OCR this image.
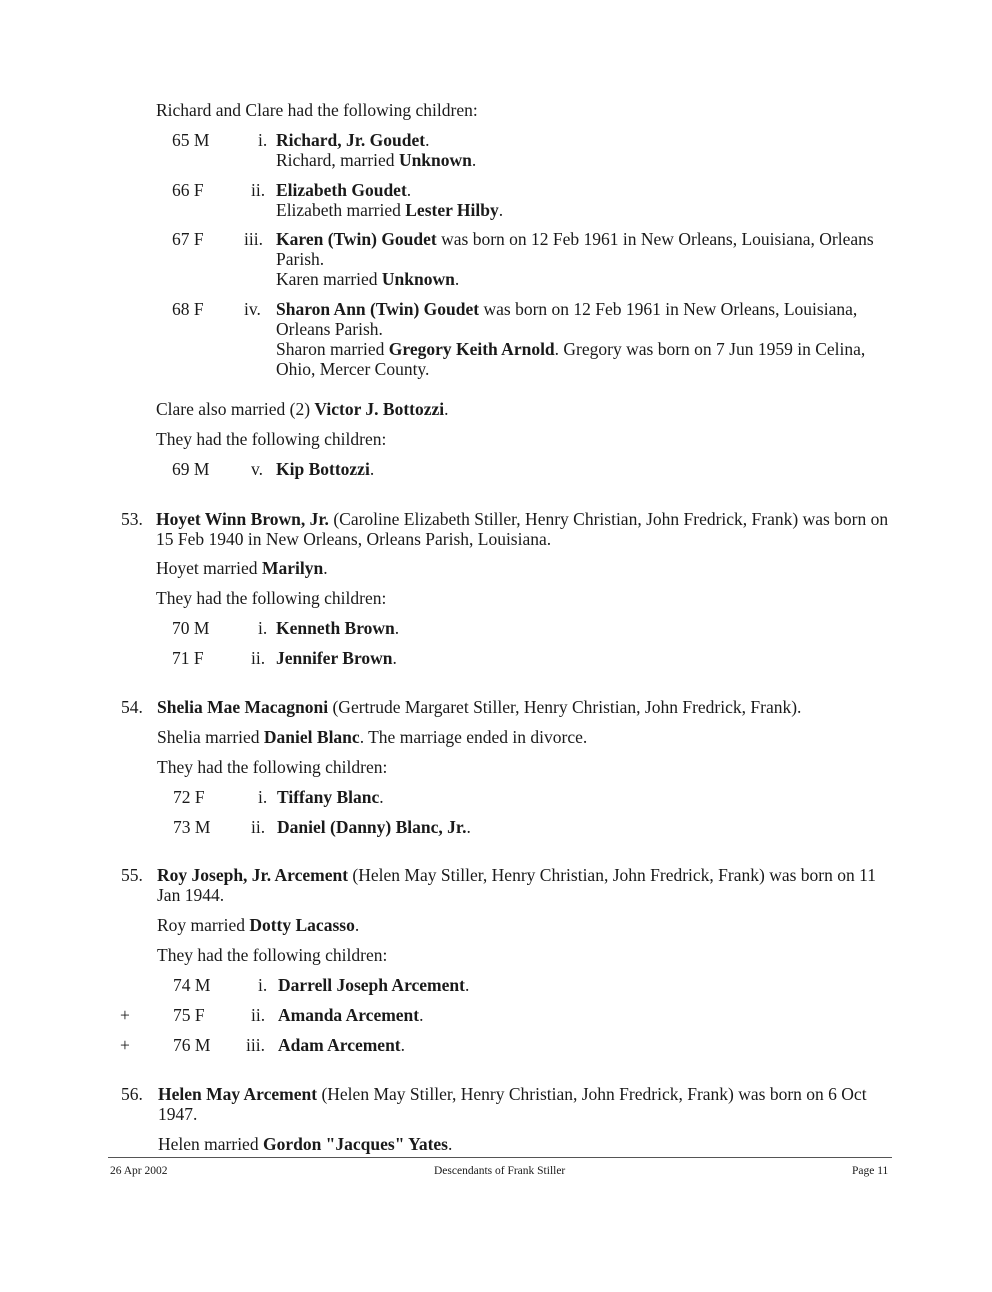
Richard and Clare had the following children:
65 M	i. Richard, Jr. Goudet.
Richard, married Unknown.
66 F	ii. Elizabeth Goudet.
Elizabeth married Lester Hilby.
67 F iii. Karen (Twin) Goudet was born on 12 Feb 1961 in New Orleans, Louisiana, Orleans Parish.
Karen married Unknown.
68 F iv. Sharon Ann (Twin) Goudet was born on 12 Feb 1961 in New Orleans, Louisiana, Orleans Parish.
Sharon married Gregory Keith Arnold. Gregory was born on 7 Jun 1959 in Celina, Ohio, Mercer County.
Clare also married (2) Victor J. Bottozzi.
They had the following children:
69 M v. Kip Bottozzi.
53. Hoyet Winn Brown, Jr. (Caroline Elizabeth Stiller, Henry Christian, John Fredrick, Frank) was born on 15 Feb 1940 in New Orleans, Orleans Parish, Louisiana.
Hoyet married Marilyn.
They had the following children:
70 M	i. Kenneth Brown.
71 F	ii. Jennifer Brown.
54. Shelia Mae Macagnoni (Gertrude Margaret Stiller, Henry Christian, John Fredrick, Frank).
Shelia married Daniel Blanc. The marriage ended in divorce.
They had the following children:
72 F	i. Tiffany Blanc.
73 M ii. Daniel (Danny) Blanc, Jr..
55. Roy Joseph, Jr. Arcement (Helen May Stiller, Henry Christian, John Fredrick, Frank) was born on 11 Jan 1944.
Roy married Dotty Lacasso.
They had the following children:
74 M	i. Darrell Joseph Arcement.
+ 75 F	ii. Amanda Arcement.
+ 76 M iii. Adam Arcement.
56. Helen May Arcement (Helen May Stiller, Henry Christian, John Fredrick, Frank) was born on 6 Oct 1947.
Helen married Gordon "Jacques" Yates.
26 Apr 2002	Descendants of Frank Stiller	Page 11
